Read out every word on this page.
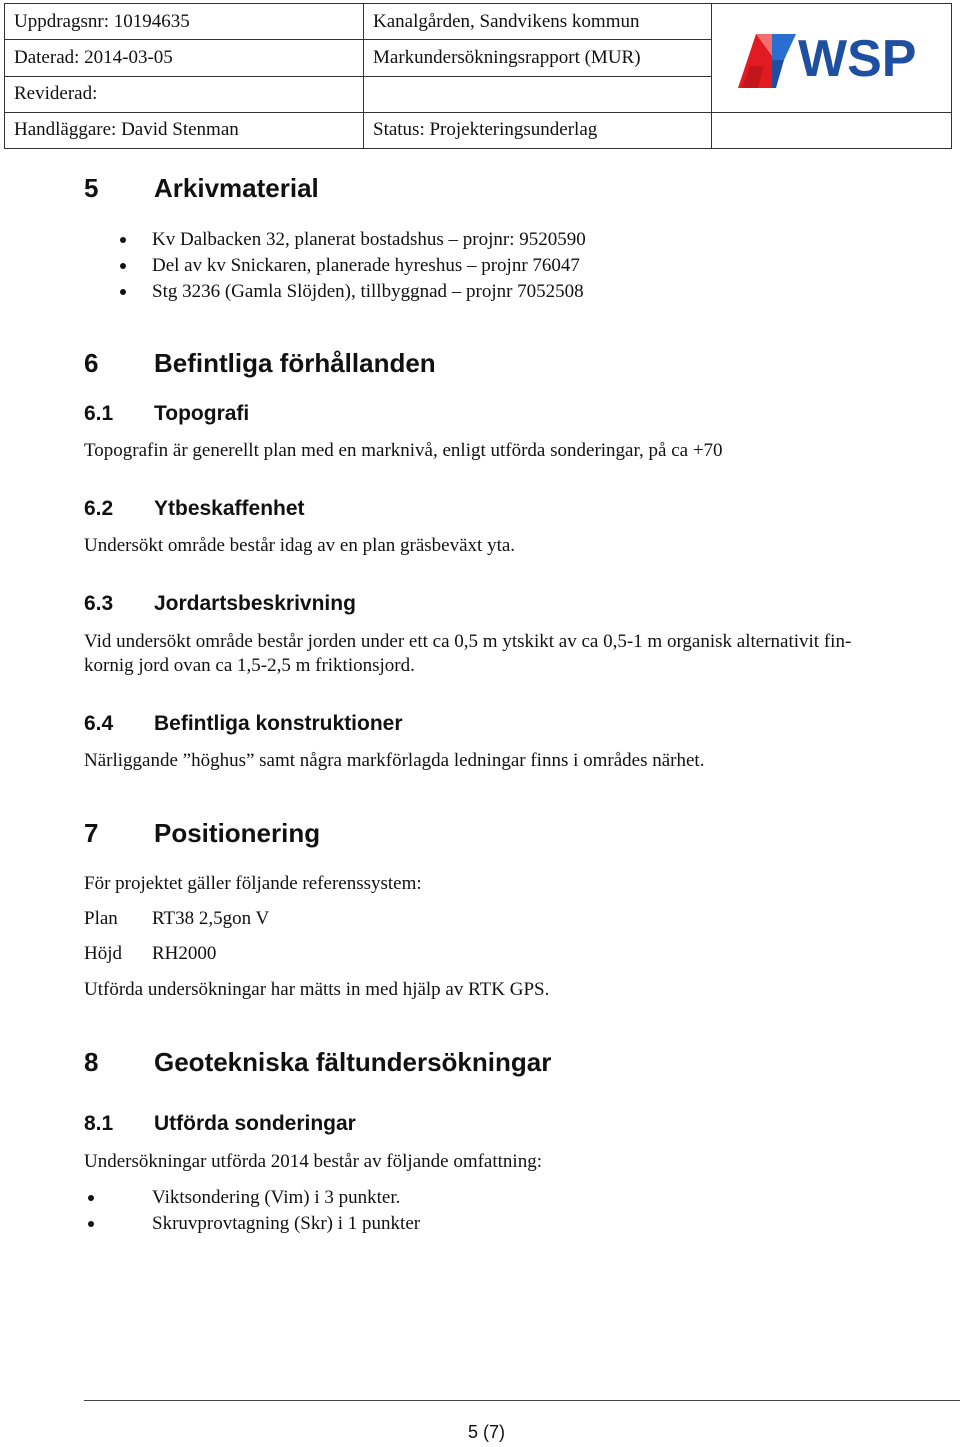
Uppdragsnr: 10194635	Kanalgården, Sandvikens kommun	WSP

Daterad: 2014-03-05	Markundersökningsrapport (MUR)	
Reviderad:		
Handläggare: David Stenman	Status: Projekteringsunderlag	
5	Arkivmaterial
Kv Dalbacken 32, planerat bostadshus – projnr: 9520590
Del av kv Snickaren, planerade hyreshus – projnr 76047
Stg 3236 (Gamla Slöjden), tillbyggnad – projnr 7052508
6	Befintliga förhållanden
6.1	Topografi
Topografin är generellt plan med en marknivå, enligt utförda sonderingar, på ca +70
6.2	Ytbeskaffenhet
Undersökt område består idag av en plan gräsbeväxt yta.
6.3	Jordartsbeskrivning
Vid undersökt område består jorden under ett ca 0,5 m ytskikt av ca 0,5-1 m organisk alternativit fin-
kornig jord ovan ca 1,5-2,5 m friktionsjord.
6.4	Befintliga konstruktioner
Närliggande ”höghus” samt några markförlagda ledningar finns i områdes närhet.
7	Positionering
För projektet gäller följande referenssystem:
Plan	RT38 2,5gon V
Höjd	RH2000
Utförda undersökningar har mätts in med hjälp av RTK GPS.
8	Geotekniska fältundersökningar
8.1	Utförda sonderingar
Undersökningar utförda 2014 består av följande omfattning:
Viktsondering (Vim) i 3 punkter.
Skruvprovtagning (Skr) i 1 punkter
5 (7)
